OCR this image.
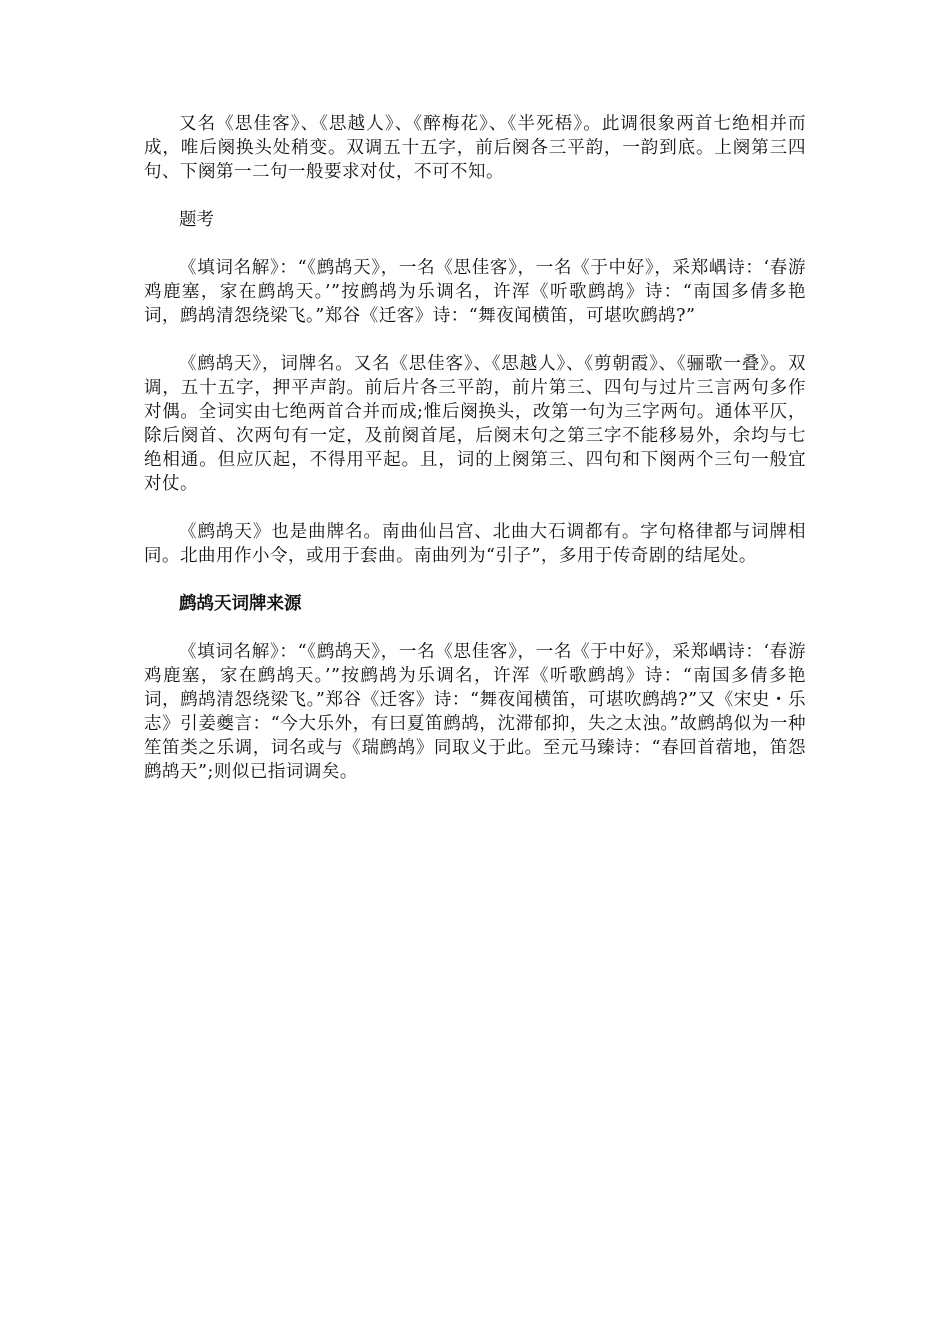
又名《思佳客》、《思越人》、《醉梅花》、《半死梧》。此调很象两首七绝相并而成，唯后阕换头处稍变。双调五十五字，前后阕各三平韵，一韵到底。上阕第三四句、下阕第一二句一般要求对仗，不可不知。

题考

《填词名解》：“《鹧鸪天》，一名《思佳客》，一名《于中好》，采郑嵎诗：‘春游鸡鹿塞，家在鹧鸪天。’”按鹧鸪为乐调名，许浑《听歌鹧鸪》诗：“南国多倩多艳词，鹧鸪清怨绕梁飞。”郑谷《迁客》诗：“舞夜闻横笛，可堪吹鹧鸪?”

《鹧鸪天》，词牌名。又名《思佳客》、《思越人》、《剪朝霞》、《骊歌一叠》。双调，五十五字，押平声韵。前后片各三平韵，前片第三、四句与过片三言两句多作对偶。全词实由七绝两首合并而成;惟后阕换头，改第一句为三字两句。通体平仄，除后阕首、次两句有一定，及前阕首尾，后阕末句之第三字不能移易外，余均与七绝相通。但应仄起，不得用平起。且，词的上阕第三、四句和下阕两个三句一般宜对仗。

《鹧鸪天》也是曲牌名。南曲仙吕宫、北曲大石调都有。字句格律都与词牌相同。北曲用作小令，或用于套曲。南曲列为“引子”，多用于传奇剧的结尾处。

鹧鸪天词牌来源

《填词名解》：“《鹧鸪天》，一名《思佳客》，一名《于中好》，采郑嵎诗：‘春游鸡鹿塞，家在鹧鸪天。’”按鹧鸪为乐调名，许浑《听歌鹧鸪》诗：“南国多倩多艳词，鹧鸪清怨绕梁飞。”郑谷《迁客》诗：“舞夜闻横笛，可堪吹鹧鸪?”又《宋史・乐志》引姜夔言：“今大乐外，有曰夏笛鹧鸪，沈滞郁抑，失之太浊。”故鹧鸪似为一种笙笛类之乐调，词名或与《瑞鹧鸪》同取义于此。至元马臻诗：“春回首蓿地，笛怨鹧鸪天”;则似已指词调矣。
